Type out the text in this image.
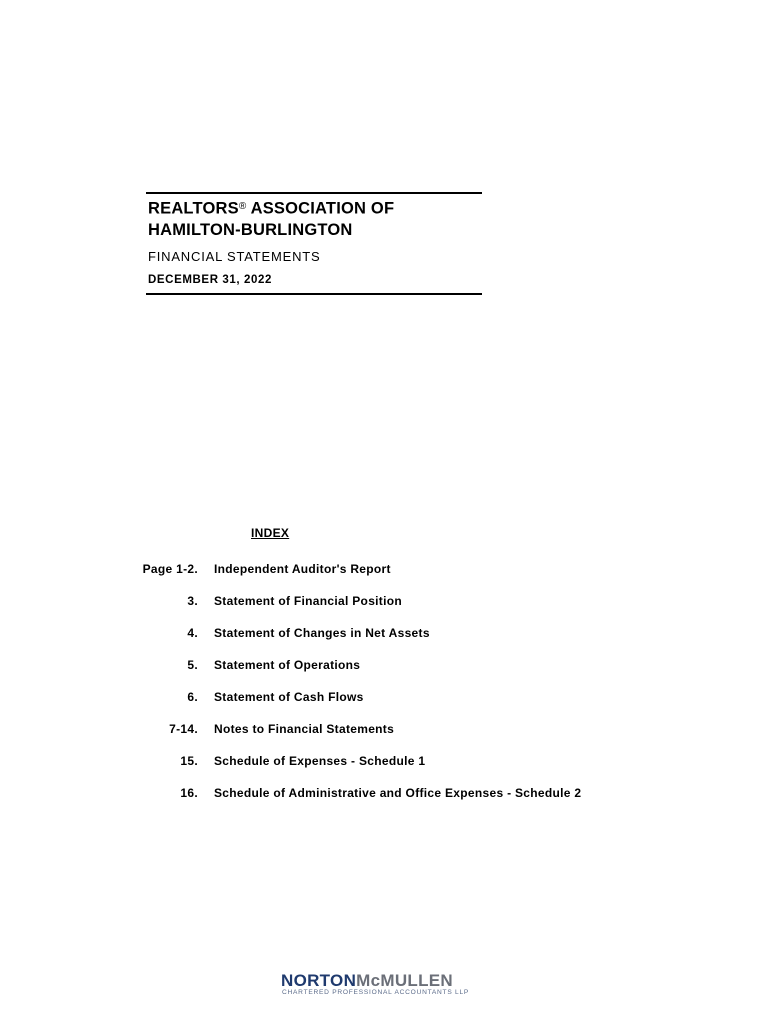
REALTORS® ASSOCIATION OF
HAMILTON-BURLINGTON
FINANCIAL STATEMENTS
DECEMBER 31, 2022
INDEX
Page 1-2. Independent Auditor's Report
3. Statement of Financial Position
4. Statement of Changes in Net Assets
5. Statement of Operations
6. Statement of Cash Flows
7-14. Notes to Financial Statements
15. Schedule of Expenses - Schedule 1
16. Schedule of Administrative and Office Expenses - Schedule 2
NORTONMcMULLEN
CHARTERED PROFESSIONAL ACCOUNTANTS LLP
